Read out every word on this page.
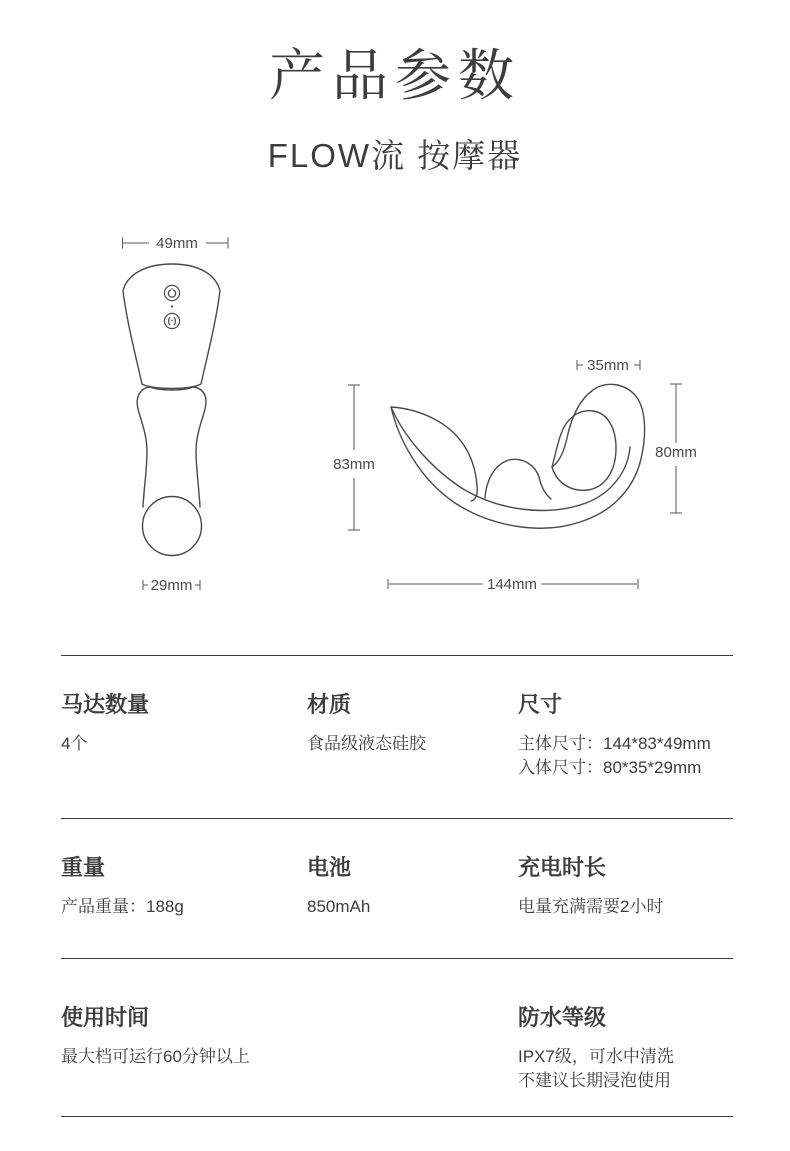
产品参数
FLOW流 按摩器
49mm
29mm
35mm
83mm
80mm
144mm
马达数量
4个
材质
食品级液态硅胶
尺寸
主体尺寸：144*83*49mm
入体尺寸：80*35*29mm
重量
产品重量：188g
电池
850mAh
充电时长
电量充满需要2小时
使用时间
最大档可运行60分钟以上
防水等级
IPX7级，可水中清洗
不建议长期浸泡使用
